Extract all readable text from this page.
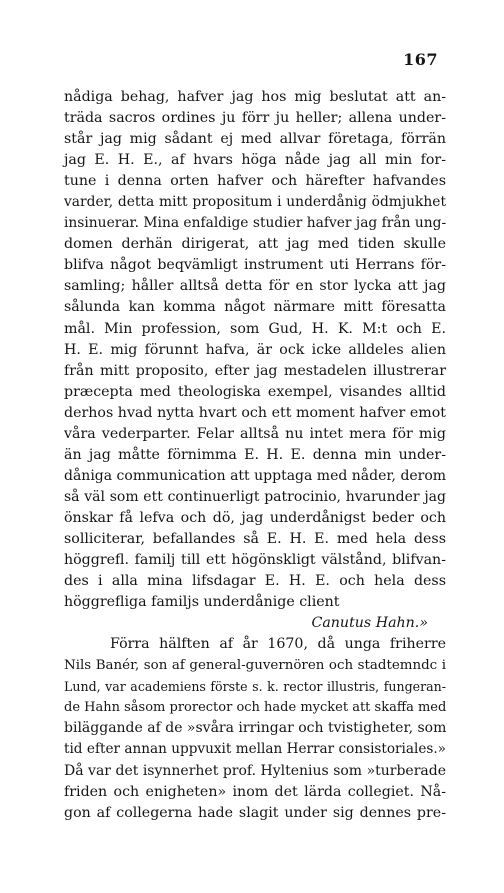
167
nådiga behag, hafver jag hos mig beslutat att an-
träda sacros ordines ju förr ju heller; allena under-
står jag mig sådant ej med allvar företaga, förrän
jag E. H. E., af hvars höga nåde jag all min for-
tune i denna orten hafver och härefter hafvandes
varder, detta mitt propositum i underdånig ödmjukhet
insinuerar. Mina enfaldige studier hafver jag från ung-
domen derhän dirigerat, att jag med tiden skulle
blifva något beqvämligt instrument uti Herrans för-
samling; håller alltså detta för en stor lycka att jag
sålunda kan komma något närmare mitt föresatta
mål. Min profession, som Gud, H. K. M:t och E.
H. E. mig förunnt hafva, är ock icke alldeles alien
från mitt proposito, efter jag mestadelen illustrerar
præcepta med theologiska exempel, visandes alltid
derhos hvad nytta hvart och ett moment hafver emot
våra vederparter. Felar alltså nu intet mera för mig
än jag måtte förnimma E. H. E. denna min under-
dåniga communication att upptaga med nåder, derom
så väl som ett continuerligt patrocinio, hvarunder jag
önskar få lefva och dö, jag underdånigst beder och
solliciterar, befallandes så E. H. E. med hela dess
höggrefl. familj till ett högönskligt välstånd, blifvan-
des i alla mina lifsdagar E. H. E. och hela dess
höggrefliga familjs underdånige client
Canutus Hahn.»
Förra hälften af år 1670, då unga friherre
Nils Banér, son af general-guvernören och stadtemndc i
Lund, var academiens förste s. k. rector illustris, fungeran-
de Hahn såsom prorector och hade mycket att skaffa med
biläggande af de »svåra irringar och tvistigheter, som
tid efter annan uppvuxit mellan Herrar consistoriales.»
Då var det isynnerhet prof. Hyltenius som »turberade
friden och enigheten» inom det lärda collegiet. Nå-
gon af collegerna hade slagit under sig dennes pre-
